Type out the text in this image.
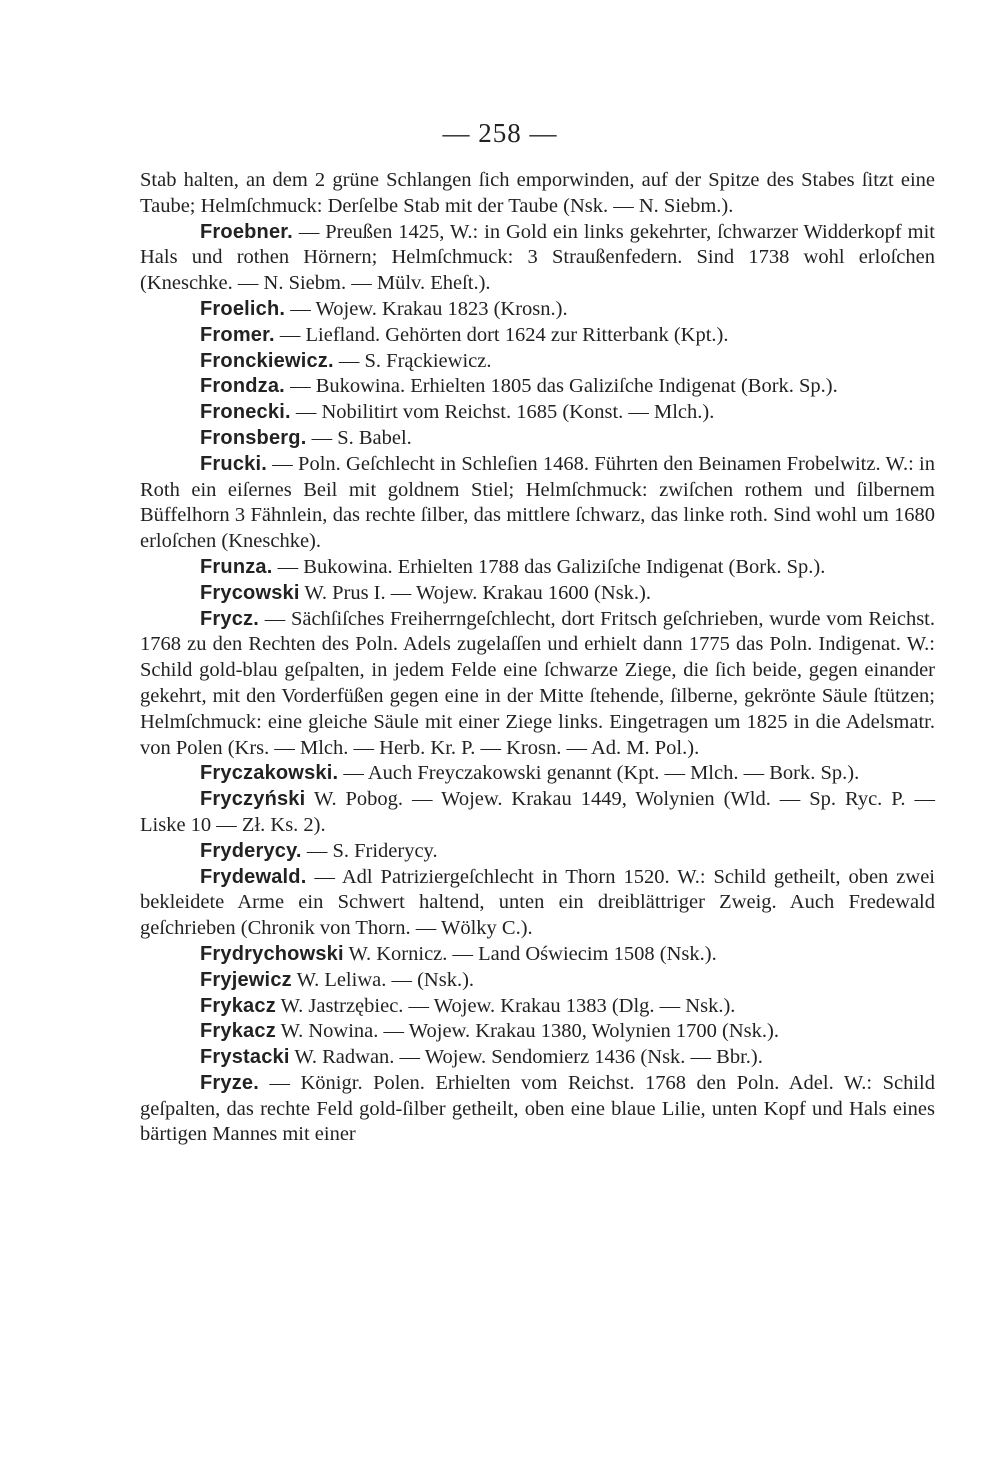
— 258 —

Stab halten, an dem 2 grüne Schlangen ſich emporwinden, auf der Spitze des Stabes ſitzt eine Taube; Helmſchmuck: Derſelbe Stab mit der Taube (Nsk. — N. Siebm.).

Froebner. — Preußen 1425, W.: in Gold ein links gekehrter, ſchwarzer Widderkopf mit Hals und rothen Hörnern; Helmſchmuck: 3 Straußenfedern. Sind 1738 wohl erloſchen (Kneschke. — N. Siebm. — Mülv. Eheſt.).

Froelich. — Wojew. Krakau 1823 (Krosn.).

Fromer. — Liefland. Gehörten dort 1624 zur Ritterbank (Kpt.).

Fronckiewicz. — S. Frąckiewicz.

Frondza. — Bukowina. Erhielten 1805 das Galiziſche Indigenat (Bork. Sp.).

Fronecki. — Nobilitirt vom Reichst. 1685 (Konst. — Mlch.).

Fronsberg. — S. Babel.

Frucki. — Poln. Geſchlecht in Schleſien 1468. Führten den Beinamen Frobelwitz. W.: in Roth ein eiſernes Beil mit goldnem Stiel; Helmſchmuck: zwiſchen rothem und ſilbernem Büffelhorn 3 Fähnlein, das rechte ſilber, das mittlere ſchwarz, das linke roth. Sind wohl um 1680 erloſchen (Kneschke).

Frunza. — Bukowina. Erhielten 1788 das Galiziſche Indigenat (Bork. Sp.).

Frycowski W. Prus I. — Wojew. Krakau 1600 (Nsk.).

Frycz. — Sächſiſches Freiherrngeſchlecht, dort Fritsch geſchrieben, wurde vom Reichst. 1768 zu den Rechten des Poln. Adels zugelaſſen und erhielt dann 1775 das Poln. Indigenat. W.: Schild gold-blau geſpalten, in jedem Felde eine ſchwarze Ziege, die ſich beide, gegen einander gekehrt, mit den Vorderfüßen gegen eine in der Mitte ſtehende, ſilberne, gekrönte Säule ſtützen; Helmſchmuck: eine gleiche Säule mit einer Ziege links. Eingetragen um 1825 in die Adelsmatr. von Polen (Krs. — Mlch. — Herb. Kr. P. — Krosn. — Ad. M. Pol.).

Fryczakowski. — Auch Freyczakowski genannt (Kpt. — Mlch. — Bork. Sp.).

Fryczyński W. Pobog. — Wojew. Krakau 1449, Wolynien (Wld. — Sp. Ryc. P. — Liske 10 — Zł. Ks. 2).

Fryderycy. — S. Friderycy.

Frydewald. — Adl Patriziergeſchlecht in Thorn 1520. W.: Schild getheilt, oben zwei bekleidete Arme ein Schwert haltend, unten ein dreiblättriger Zweig. Auch Fredewald geſchrieben (Chronik von Thorn. — Wölky C.).

Frydrychowski W. Kornicz. — Land Oświecim 1508 (Nsk.).

Fryjewicz W. Leliwa. — (Nsk.).

Frykacz W. Jastrzębiec. — Wojew. Krakau 1383 (Dlg. — Nsk.).

Frykacz W. Nowina. — Wojew. Krakau 1380, Wolynien 1700 (Nsk.).

Frystacki W. Radwan. — Wojew. Sendomierz 1436 (Nsk. — Bbr.).

Fryze. — Königr. Polen. Erhielten vom Reichst. 1768 den Poln. Adel. W.: Schild geſpalten, das rechte Feld gold-ſilber getheilt, oben eine blaue Lilie, unten Kopf und Hals eines bärtigen Mannes mit einer
